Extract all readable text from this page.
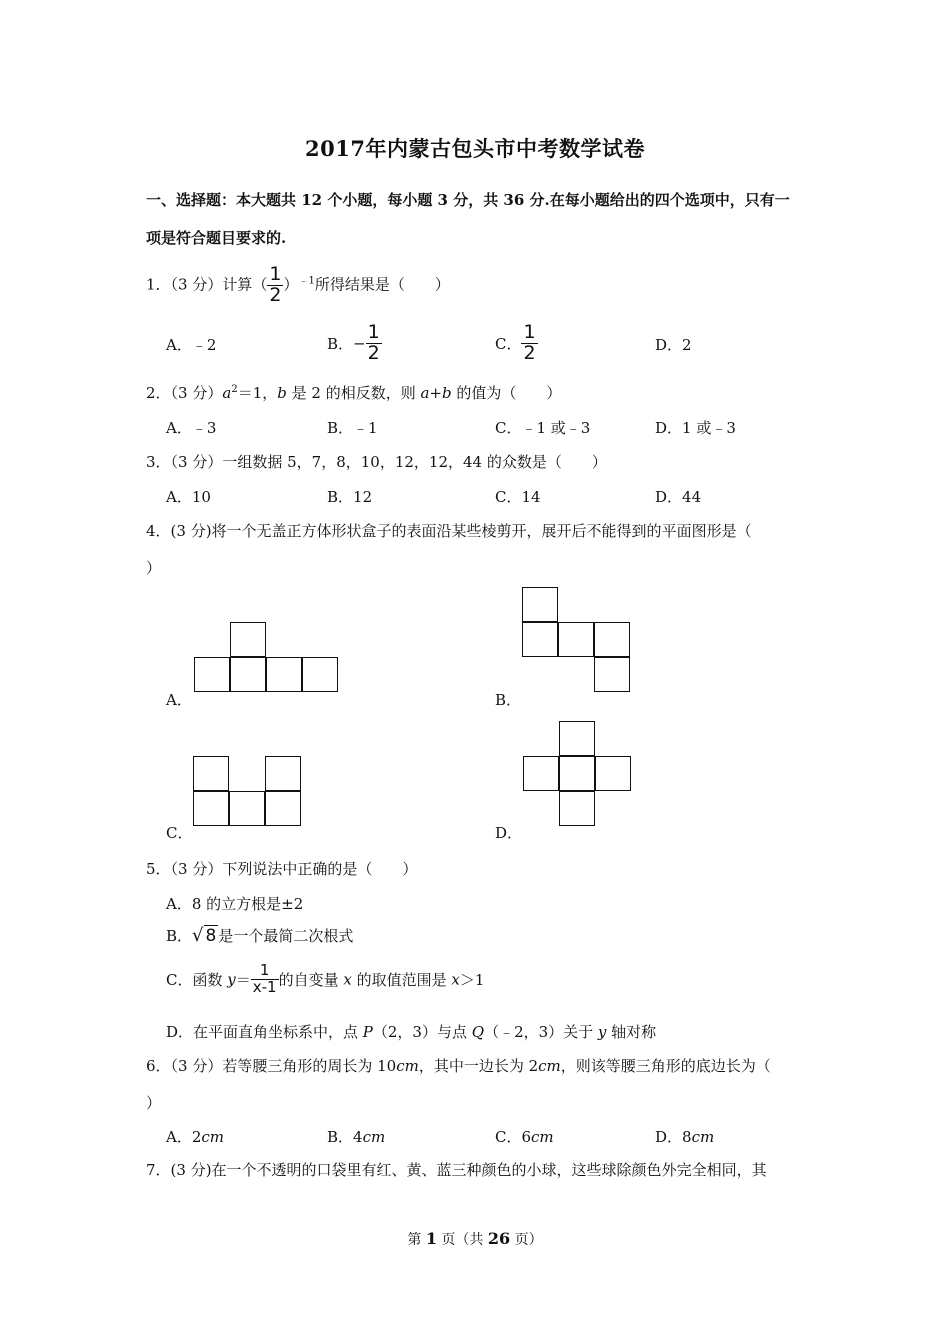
2017年内蒙古包头市中考数学试卷
一、选择题：本大题共 12 个小题，每小题 3 分，共 36 分.在每小题给出的四个选项中，只有一
项是符合题目要求的.
1．（3 分）计算（ $\frac{1}{2} )^{﹣1}$所得结果是（　　）
A．﹣2	B．− $\frac{1}{2}$	C． $\frac{1}{2}$	D．2
2．（3 分）$a^2=1$，b 是 2 的相反数，则 a+b 的值为（　　）
A．﹣3	B．﹣1	C．﹣1 或﹣3	D．1 或﹣3
3．（3 分）一组数据 5，7，8，10，12，12，44 的众数是（　　）
A．10	B．12	C．14	D．44
4．(3 分)将一个无盖正方体形状盒子的表面沿某些棱剪开，展开后不能得到的平面图形是（
）
A．	B．
C．	D．
5．（3 分）下列说法中正确的是（　　）
A．8 的立方根是±2
B．√ 8 是一个最简二次根式
C．函数 $y= \frac{1}{x-1}$ 的自变量 x 的取值范围是 x＞1
D．在平面直角坐标系中，点 P（2，3）与点 Q（﹣2，3）关于 y 轴对称
6．（3 分）若等腰三角形的周长为 10cm，其中一边长为 2cm，则该等腰三角形的底边长为（
）
A．2cm	B．4cm	C．6cm	D．8cm
7．(3 分)在一个不透明的口袋里有红、黄、蓝三种颜色的小球，这些球除颜色外完全相同，其
第 1 页（共 26 页）
